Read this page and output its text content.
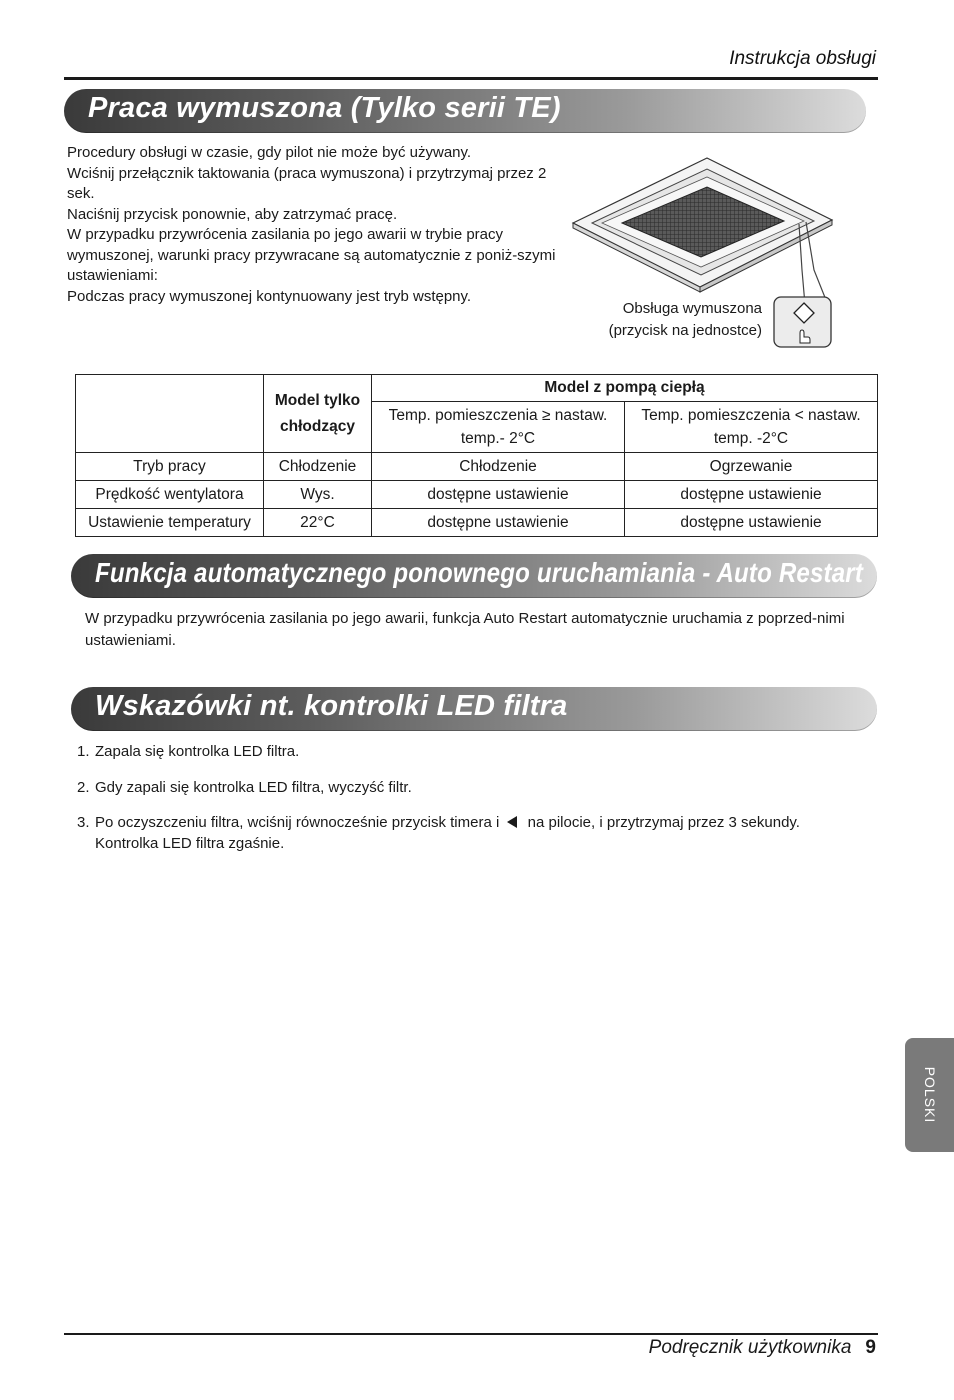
Instrukcja obsługi
Praca wymuszona (Tylko serii TE)

Procedury obsługi w czasie, gdy pilot nie może być używany.

Wciśnij przełącznik taktowania (praca wymuszona) i przytrzymaj przez 2 sek.

Naciśnij przycisk ponownie, aby zatrzymać pracę.

W przypadku przywrócenia zasilania po jego awarii w trybie pracy wymuszonej, warunki pracy przywracane są automatycznie z poniż-szymi ustawieniami:

Podczas pracy wymuszonej kontynuowany jest tryb wstępny.

Obsługa wymuszona
(przycisk na jednostce)
	Model tylko chłodzący	Model z pompą ciepłą	
		Temp. pomieszczenia ≥ nastaw. temp.- 2°C	Temp. pomieszczenia < nastaw. temp. -2°C
Tryb pracy	Chłodzenie	Chłodzenie	Ogrzewanie
Prędkość wentylatora	Wys.	dostępne ustawienie	dostępne ustawienie
Ustawienie temperatury	22°C	dostępne ustawienie	dostępne ustawienie
Funkcja automatycznego ponownego uruchamiania - Auto Restart
W przypadku przywrócenia zasilania po jego awarii, funkcja Auto Restart automatycznie uruchamia z poprzed-nimi ustawieniami.
Wskazówki nt. kontrolki LED filtra
1. Zapala się kontrolka LED filtra.
2. Gdy zapali się kontrolka LED filtra, wyczyść filtr.
3. Po oczyszczeniu filtra, wciśnij równocześnie przycisk timera i na pilocie, i przytrzymaj przez 3 sekundy.
Kontrolka LED filtra zgaśnie.
POLSKI
Podręcznik użytkownika 9
